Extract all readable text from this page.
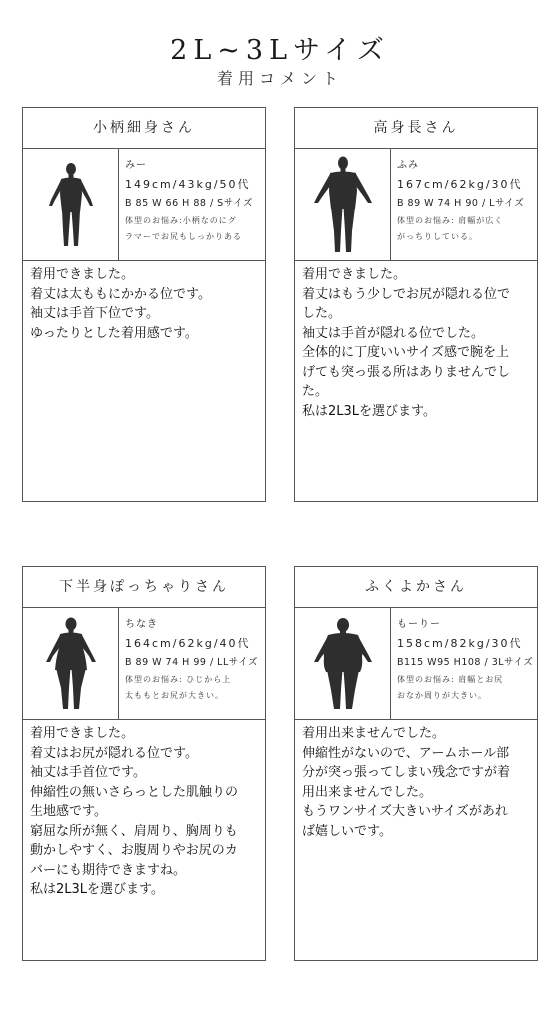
2L~3Lサイズ
着用コメント
小柄細身さん
みー
149cm/43kg/50代
B 85 W 66 H 88 / Sサイズ
体型のお悩み:小柄なのにグ
ラマーでお尻もしっかりある
着用できました。
着丈は太ももにかかる位です。
袖丈は手首下位です。
ゆったりとした着用感です。
高身長さん
ふみ
167cm/62kg/30代
B 89 W 74 H 90 / Lサイズ
体型のお悩み: 肩幅が広く
がっちりしている。
着用できました。
着丈はもう少しでお尻が隠れる位で
した。
袖丈は手首が隠れる位でした。
全体的に丁度いいサイズ感で腕を上
げても突っ張る所はありませんでし
た。
私は2L3Lを選びます。
下半身ぽっちゃりさん
ちなき
164cm/62kg/40代
B 89 W 74 H 99 / LLサイズ
体型のお悩み: ひじから上
太ももとお尻が大きい。
着用できました。
着丈はお尻が隠れる位です。
袖丈は手首位です。
伸縮性の無いさらっとした肌触りの
生地感です。
窮屈な所が無く、肩周り、胸周りも
動かしやすく、お腹周りやお尻のカ
バーにも期待できますね。
私は2L3Lを選びます。
ふくよかさん
もーりー
158cm/82kg/30代
B115 W95 H108 / 3Lサイズ
体型のお悩み: 肩幅とお尻
おなか周りが大きい。
着用出来ませんでした。
伸縮性がないので、アームホール部
分が突っ張ってしまい残念ですが着
用出来ませんでした。
もうワンサイズ大きいサイズがあれ
ば嬉しいです。
